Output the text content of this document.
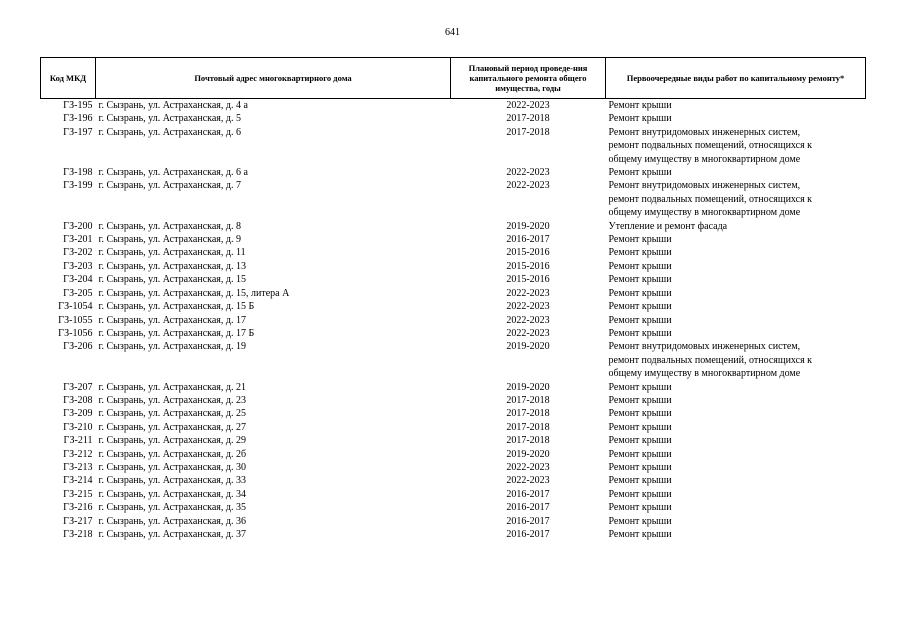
641
Код МКД	Почтовый адрес многоквартирного дома	Плановый период проведе-ния капитального ремонта общего имущества, годы	Первоочередные виды работ по капитальному ремонту*
ГЗ-195	г. Сызрань, ул. Астраханская, д. 4 а	2022-2023	Ремонт крыши

ГЗ-196	г. Сызрань, ул. Астраханская, д. 5	2017-2018	Ремонт крыши

ГЗ-197	г. Сызрань, ул. Астраханская, д. 6	2017-2018	Ремонт внутридомовых инженерных систем,
ремонт подвальных помещений, относящихся к
общему имуществу в многоквартирном доме

ГЗ-198	г. Сызрань, ул. Астраханская, д. 6 а	2022-2023	Ремонт крыши

ГЗ-199	г. Сызрань, ул. Астраханская, д. 7	2022-2023	Ремонт внутридомовых инженерных систем,
ремонт подвальных помещений, относящихся к
общему имуществу в многоквартирном доме

ГЗ-200	г. Сызрань, ул. Астраханская, д. 8	2019-2020	Утепление и ремонт фасада

ГЗ-201	г. Сызрань, ул. Астраханская, д. 9	2016-2017	Ремонт крыши

ГЗ-202	г. Сызрань, ул. Астраханская, д. 11	2015-2016	Ремонт крыши

ГЗ-203	г. Сызрань, ул. Астраханская, д. 13	2015-2016	Ремонт крыши

ГЗ-204	г. Сызрань, ул. Астраханская, д. 15	2015-2016	Ремонт крыши

ГЗ-205	г. Сызрань, ул. Астраханская, д. 15, литера А	2022-2023	Ремонт крыши

ГЗ-1054	г. Сызрань, ул. Астраханская, д. 15 Б	2022-2023	Ремонт крыши

ГЗ-1055	г. Сызрань, ул. Астраханская, д. 17	2022-2023	Ремонт крыши

ГЗ-1056	г. Сызрань, ул. Астраханская, д. 17 Б	2022-2023	Ремонт крыши

ГЗ-206	г. Сызрань, ул. Астраханская, д. 19	2019-2020	Ремонт внутридомовых инженерных систем,
ремонт подвальных помещений, относящихся к
общему имуществу в многоквартирном доме

ГЗ-207	г. Сызрань, ул. Астраханская, д. 21	2019-2020	Ремонт крыши

ГЗ-208	г. Сызрань, ул. Астраханская, д. 23	2017-2018	Ремонт крыши

ГЗ-209	г. Сызрань, ул. Астраханская, д. 25	2017-2018	Ремонт крыши

ГЗ-210	г. Сызрань, ул. Астраханская, д. 27	2017-2018	Ремонт крыши

ГЗ-211	г. Сызрань, ул. Астраханская, д. 29	2017-2018	Ремонт крыши

ГЗ-212	г. Сызрань, ул. Астраханская, д. 2б	2019-2020	Ремонт крыши

ГЗ-213	г. Сызрань, ул. Астраханская, д. 30	2022-2023	Ремонт крыши

ГЗ-214	г. Сызрань, ул. Астраханская, д. 33	2022-2023	Ремонт крыши

ГЗ-215	г. Сызрань, ул. Астраханская, д. 34	2016-2017	Ремонт крыши

ГЗ-216	г. Сызрань, ул. Астраханская, д. 35	2016-2017	Ремонт крыши

ГЗ-217	г. Сызрань, ул. Астраханская, д. 36	2016-2017	Ремонт крыши

ГЗ-218	г. Сызрань, ул. Астраханская, д. 37	2016-2017	Ремонт крыши
